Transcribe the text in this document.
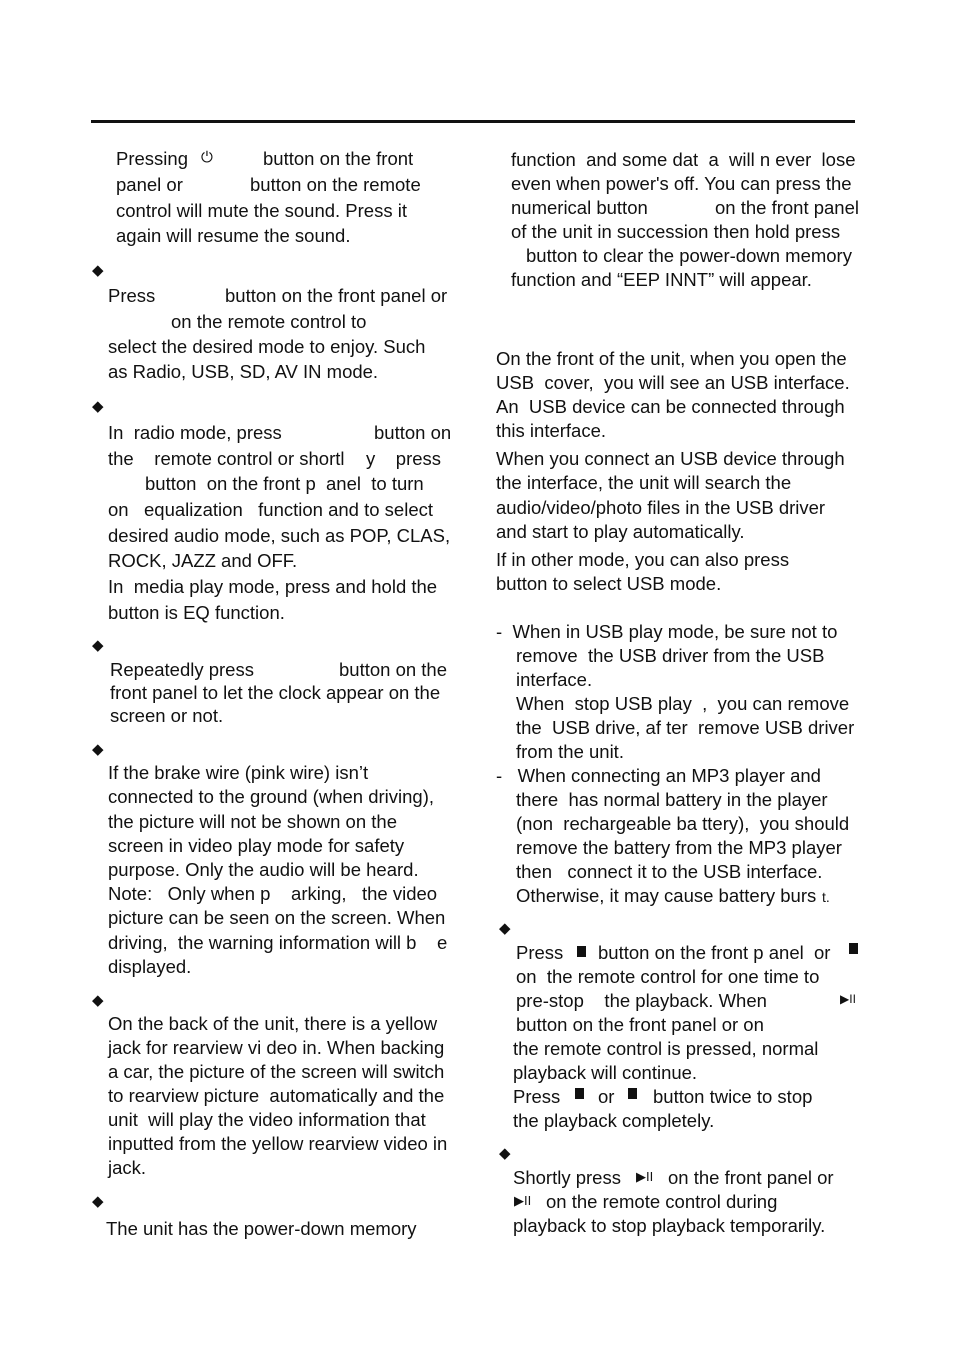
Pressing ⏻	button on the front
panel or	button on the remote
control will mute the sound. Press it
again will resume the sound.
◆
Press	button on the front panel or
on the remote control to
select the desired mode to enjoy. Such
as Radio, USB, SD, AV IN mode.
◆
In  radio mode, press	button on
the    remote control or shortl y    press
button  on the front p  anel  to turn
on   equalization   function and to select
desired audio mode, such as POP, CLAS,
ROCK, JAZZ and OFF.
In  media play mode, press and hold the
button is EQ function.
◆
Repeatedly press	button on the
front panel to let the clock appear on the
screen or not.
◆
If the brake wire (pink wire) isn’t
connected to the ground (when driving),
the picture will not be shown on the
screen in video play mode for safety
purpose. Only the audio will be heard.
Note:   Only when p    arking,   the video
picture can be seen on the screen. When
driving,  the warning information will b    e
displayed.
◆
On the back of the unit, there is a yellow
jack for rearview vi deo in. When backing
a car, the picture of the screen will switch
to rearview picture  automatically and the
unit  will play the video information that
inputted from the yellow rearview video in
jack.
◆
The unit has the power-down memory
function  and some dat  a  will n ever  lose
even when power's off. You can press the
numerical button	on the front panel
of the unit in succession then hold press
button to clear the power-down memory
function and “EEP INNT” will appear.
On the front of the unit, when you open the
USB  cover,  you will see an USB interface.
An  USB device can be connected through
this interface.
When you connect an USB device through
the interface, the unit will search the
audio/video/photo files in the USB driver
and start to play automatically.
If in other mode, you can also press
button to select USB mode.
-  When in USB play mode, be sure not to
remove  the USB driver from the USB
interface.
When  stop USB play  ,  you can remove
the  USB drive, af ter  remove USB driver
from the unit.
-   When connecting an MP3 player and
there  has normal battery in the player
(non  rechargeable ba ttery),  you should
remove the battery from the MP3 player
then   connect it to the USB interface.
Otherwise, it may cause battery burs t.
◆
Press button on the front p anel  or
on  the remote control for one time to
pre-stop    the playback. When	▶II
button on the front panel or on
the remote control is pressed, normal
playback will continue.
Press or button twice to stop
the playback completely.
◆
Shortly press ▶II on the front panel or
▶II on the remote control during
playback to stop playback temporarily.
